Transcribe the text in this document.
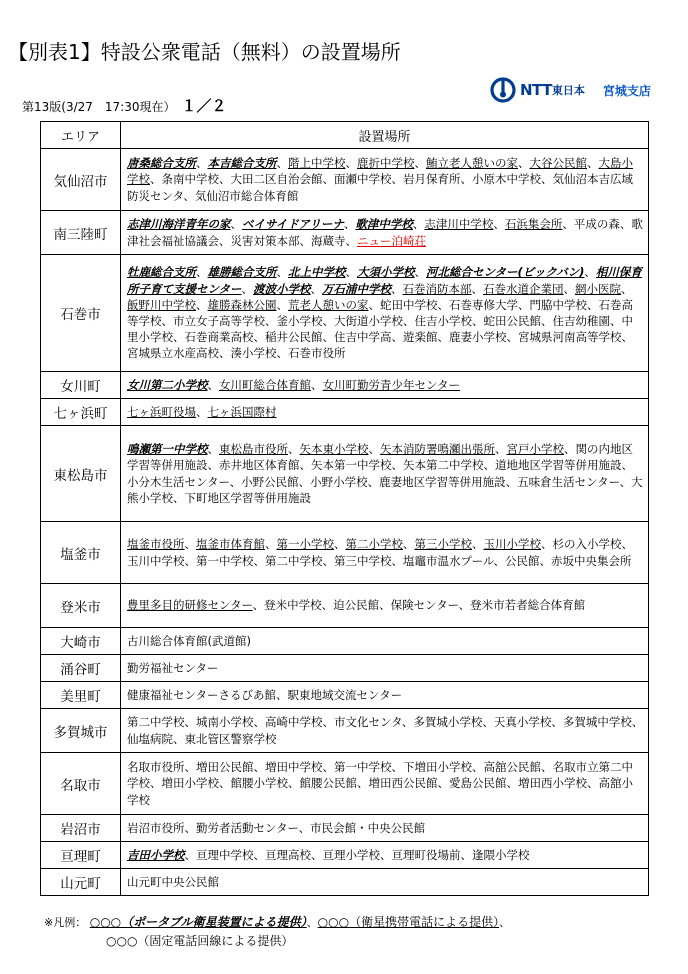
【別表1】特設公衆電話（無料）の設置場所
第13版(3/27　17:30現在） １／２
NTT 東日本 宮城支店
エリア	設置場所
気仙沼市	唐桑総合支所、本吉総合支所、階上中学校、鹿折中学校、鮪立老人憩いの家、大谷公民館、大島小学校、条南中学校、大田二区自治会館、面瀬中学校、岩月保育所、小原木中学校、気仙沼本吉広域防災センタ、気仙沼市総合体育館
南三陸町	志津川海洋青年の家、ベイサイドアリーナ、歌津中学校、志津川中学校、石浜集会所、平成の森、歌津社会福祉協議会、災害対策本部、海蔵寺、ニュー泊崎荘
石巻市	牡鹿総合支所、雄勝総合支所、北上中学校、大須小学校、河北総合センター(ビックバン)、相川保育所子育て支援センター、渡波小学校、万石浦中学校、石巻消防本部、石巻水道企業団、網小医院、飯野川中学校、雄勝森林公園、荒老人憩いの家、蛇田中学校、石巻専修大学、門脇中学校、石巻高等学校、市立女子高等学校、釜小学校、大街道小学校、住吉小学校、蛇田公民館、住吉幼稚園、中里小学校、石巻商業高校、稲井公民館、住吉中学高、遊楽館、鹿妻小学校、宮城県河南高等学校、宮城県立水産高校、湊小学校、石巻市役所
女川町	女川第二小学校、女川町総合体育館、女川町勤労青少年センター
七ヶ浜町	七ヶ浜町役場、七ヶ浜国際村
東松島市	鳴瀬第一中学校、東松島市役所、矢本東小学校、矢本消防署鳴瀬出張所、宮戸小学校、関の内地区学習等併用施設、赤井地区体育館、矢本第一中学校、矢本第二中学校、道地地区学習等併用施設、小分木生活センター、小野公民館、小野小学校、鹿妻地区学習等併用施設、五味倉生活センター、大熊小学校、下町地区学習等併用施設
塩釜市	塩釜市役所、塩釜市体育館、第一小学校、第二小学校、第三小学校、玉川小学校、杉の入小学校、玉川中学校、第一中学校、第二中学校、第三中学校、塩竈市温水プール、公民館、赤坂中央集会所
登米市	豊里多目的研修センター、登米中学校、迫公民館、保険センター、登米市若者総合体育館
大崎市	古川総合体育館(武道館)
涌谷町	勤労福祉センター
美里町	健康福祉センターさるびあ館、駅東地域交流センター
多賀城市	第二中学校、城南小学校、高崎中学校、市文化センタ、多賀城小学校、天真小学校、多賀城中学校、仙塩病院、東北管区警察学校
名取市	名取市役所、増田公民館、増田中学校、第一中学校、下増田小学校、高舘公民館、名取市立第二中学校、増田小学校、館腰小学校、館腰公民館、増田西公民館、愛島公民館、増田西小学校、高舘小学校
岩沼市	岩沼市役所、勤労者活動センター、市民会館・中央公民館
亘理町	吉田小学校、亘理中学校、亘理高校、亘理小学校、亘理町役場前、逢隈小学校
山元町	山元町中央公民館
※凡例： ○○○（ポータブル衛星装置による提供）、○○○（衛星携帯電話による提供）、
○○○（固定電話回線による提供）
